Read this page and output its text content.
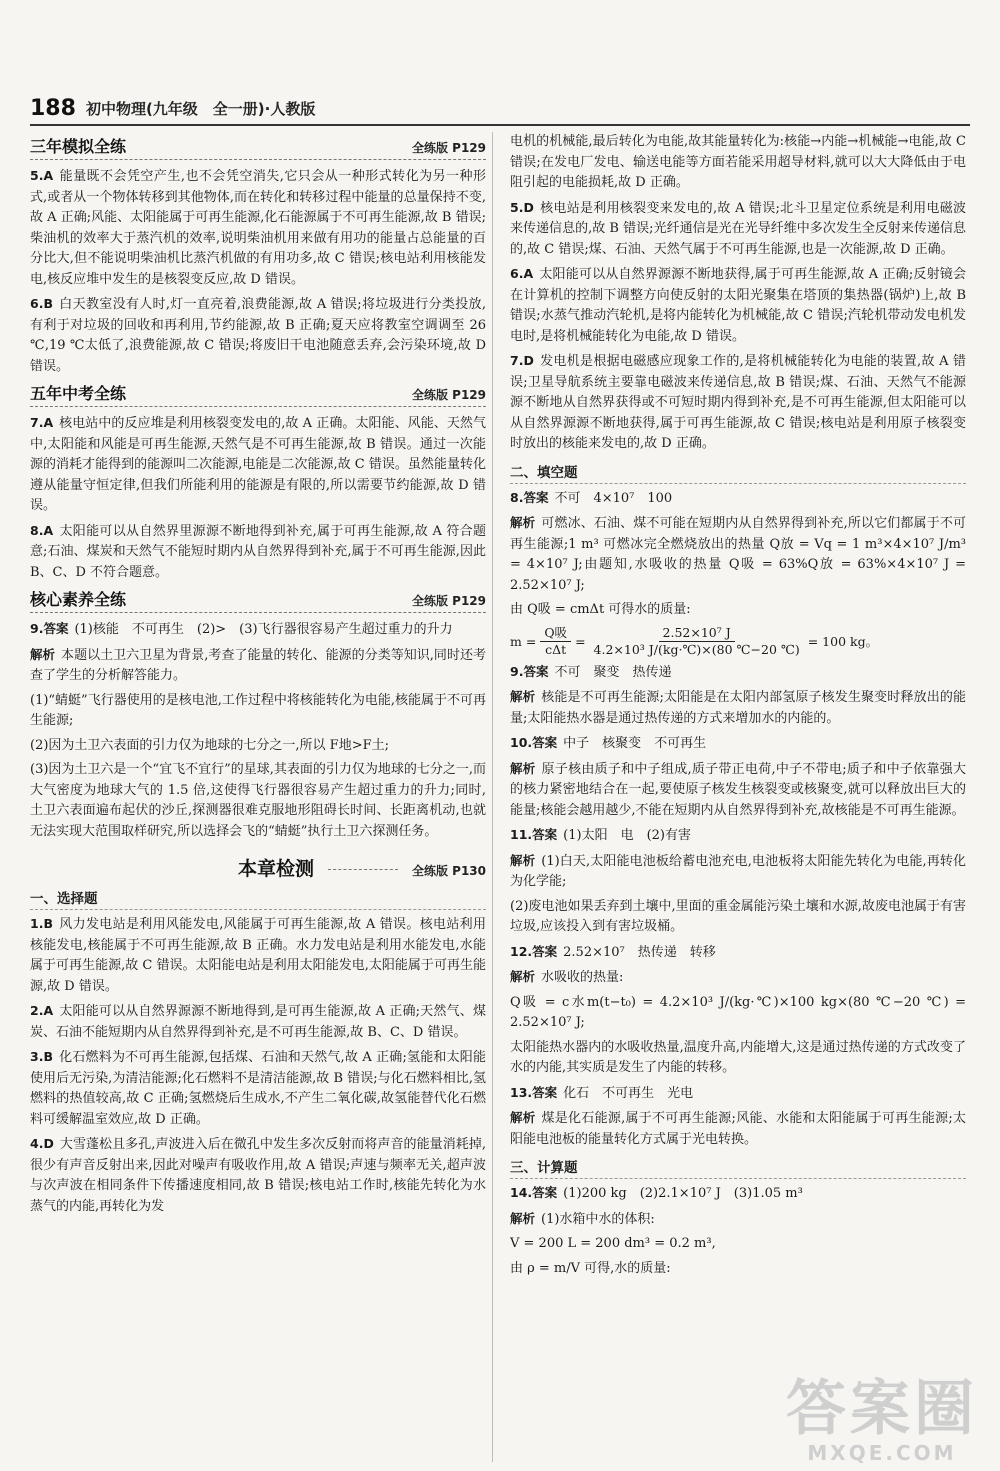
188 初中物理(九年级　全一册)·人教版
三年模拟全练	全练版 P129
5.A 能量既不会凭空产生,也不会凭空消失,它只会从一种形式转化为另一种形式,或者从一个物体转移到其他物体,而在转化和转移过程中能量的总量保持不变,故 A 正确;风能、太阳能属于可再生能源,化石能源属于不可再生能源,故 B 错误;柴油机的效率大于蒸汽机的效率,说明柴油机用来做有用功的能量占总能量的百分比大,但不能说明柴油机比蒸汽机做的有用功多,故 C 错误;核电站利用核能发电,核反应堆中发生的是核裂变反应,故 D 错误。
6.B 白天教室没有人时,灯一直亮着,浪费能源,故 A 错误;将垃圾进行分类投放,有利于对垃圾的回收和再利用,节约能源,故 B 正确;夏天应将教室空调调至 26 ℃,19 ℃太低了,浪费能源,故 C 错误;将废旧干电池随意丢弃,会污染环境,故 D 错误。
五年中考全练	全练版 P129
7.A 核电站中的反应堆是利用核裂变发电的,故 A 正确。太阳能、风能、天然气中,太阳能和风能是可再生能源,天然气是不可再生能源,故 B 错误。通过一次能源的消耗才能得到的能源叫二次能源,电能是二次能源,故 C 错误。虽然能量转化遵从能量守恒定律,但我们所能利用的能源是有限的,所以需要节约能源,故 D 错误。
8.A 太阳能可以从自然界里源源不断地得到补充,属于可再生能源,故 A 符合题意;石油、煤炭和天然气不能短时期内从自然界得到补充,属于不可再生能源,因此 B、C、D 不符合题意。
核心素养全练	全练版 P129
9.答案 (1)核能　不可再生　(2)>　(3)飞行器很容易产生超过重力的升力
解析 本题以土卫六卫星为背景,考查了能量的转化、能源的分类等知识,同时还考查了学生的分析解答能力。
(1)“蜻蜓”飞行器使用的是核电池,工作过程中将核能转化为电能,核能属于不可再生能源;
(2)因为土卫六表面的引力仅为地球的七分之一,所以 F地>F土;
(3)因为土卫六是一个“宜飞不宜行”的星球,其表面的引力仅为地球的七分之一,而大气密度为地球大气的 1.5 倍,这使得飞行器很容易产生超过重力的升力;同时,土卫六表面遍布起伏的沙丘,探测器很难克服地形阻碍长时间、长距离机动,也就无法实现大范围取样研究,所以选择会飞的“蜻蜓”执行土卫六探测任务。
本章检测	全练版 P130
一、选择题
1.B 风力发电站是利用风能发电,风能属于可再生能源,故 A 错误。核电站利用核能发电,核能属于不可再生能源,故 B 正确。水力发电站是利用水能发电,水能属于可再生能源,故 C 错误。太阳能电站是利用太阳能发电,太阳能属于可再生能源,故 D 错误。
2.A 太阳能可以从自然界源源不断地得到,是可再生能源,故 A 正确;天然气、煤炭、石油不能短期内从自然界得到补充,是不可再生能源,故 B、C、D 错误。
3.B 化石燃料为不可再生能源,包括煤、石油和天然气,故 A 正确;氢能和太阳能使用后无污染,为清洁能源;化石燃料不是清洁能源,故 B 错误;与化石燃料相比,氢燃料的热值较高,故 C 正确;氢燃烧后生成水,不产生二氧化碳,故氢能替代化石燃料可缓解温室效应,故 D 正确。
4.D 大雪蓬松且多孔,声波进入后在微孔中发生多次反射而将声音的能量消耗掉,很少有声音反射出来,因此对噪声有吸收作用,故 A 错误;声速与频率无关,超声波与次声波在相同条件下传播速度相同,故 B 错误;核电站工作时,核能先转化为水蒸气的内能,再转化为发
电机的机械能,最后转化为电能,故其能量转化为:核能→内能→机械能→电能,故 C 错误;在发电厂发电、输送电能等方面若能采用超导材料,就可以大大降低由于电阻引起的电能损耗,故 D 正确。
5.D 核电站是利用核裂变来发电的,故 A 错误;北斗卫星定位系统是利用电磁波来传递信息的,故 B 错误;光纤通信是光在光导纤维中多次发生全反射来传递信息的,故 C 错误;煤、石油、天然气属于不可再生能源,也是一次能源,故 D 正确。
6.A 太阳能可以从自然界源源不断地获得,属于可再生能源,故 A 正确;反射镜会在计算机的控制下调整方向使反射的太阳光聚集在塔顶的集热器(锅炉)上,故 B 错误;水蒸气推动汽轮机,是将内能转化为机械能,故 C 错误;汽轮机带动发电机发电时,是将机械能转化为电能,故 D 错误。
7.D 发电机是根据电磁感应现象工作的,是将机械能转化为电能的装置,故 A 错误;卫星导航系统主要靠电磁波来传递信息,故 B 错误;煤、石油、天然气不能源源不断地从自然界获得或不可短时期内得到补充,是不可再生能源,但太阳能可以从自然界源源不断地获得,属于可再生能源,故 C 错误;核电站是利用原子核裂变时放出的核能来发电的,故 D 正确。
二、填空题
8.答案 不可　4×10⁷　100
解析 可燃冰、石油、煤不可能在短期内从自然界得到补充,所以它们都属于不可再生能源;1 m³ 可燃冰完全燃烧放出的热量 Q放 = Vq = 1 m³×4×10⁷ J/m³ = 4×10⁷ J;由题知,水吸收的热量 Q吸 = 63%Q放 = 63%×4×10⁷ J = 2.52×10⁷ J;
由 Q吸 = cmΔt 可得水的质量:
$m = \frac{\text{Q吸}}{\text{cΔt}} = \frac{\text{2.52×10⁷ J}}{\text{4.2×10³ J/(kg·℃)×(80 ℃−20 ℃)}} = 100$ kg。
9.答案 不可　聚变　热传递
解析 核能是不可再生能源;太阳能是在太阳内部氢原子核发生聚变时释放出的能量;太阳能热水器是通过热传递的方式来增加水的内能的。
10.答案 中子　核聚变　不可再生
解析 原子核由质子和中子组成,质子带正电荷,中子不带电;质子和中子依靠强大的核力紧密地结合在一起,要使原子核发生核裂变或核聚变,就可以释放出巨大的能量;核能会越用越少,不能在短期内从自然界得到补充,故核能是不可再生能源。
11.答案 (1)太阳　电　(2)有害
解析 (1)白天,太阳能电池板给蓄电池充电,电池板将太阳能先转化为电能,再转化为化学能;
(2)废电池如果丢弃到土壤中,里面的重金属能污染土壤和水源,故废电池属于有害垃圾,应该投入到有害垃圾桶。
12.答案 2.52×10⁷　热传递　转移
解析 水吸收的热量:
Q吸 = c水m(t−t₀) = 4.2×10³ J/(kg·℃)×100 kg×(80 ℃−20 ℃) = 2.52×10⁷ J;
太阳能热水器内的水吸收热量,温度升高,内能增大,这是通过热传递的方式改变了水的内能,其实质是发生了内能的转移。
13.答案 化石　不可再生　光电
解析 煤是化石能源,属于不可再生能源;风能、水能和太阳能属于可再生能源;太阳能电池板的能量转化方式属于光电转换。
三、计算题
14.答案 (1)200 kg　(2)2.1×10⁷ J　(3)1.05 m³
解析 (1)水箱中水的体积:
V = 200 L = 200 dm³ = 0.2 m³,
由 ρ = m/V 可得,水的质量:
答案圈
MXQE.COM
